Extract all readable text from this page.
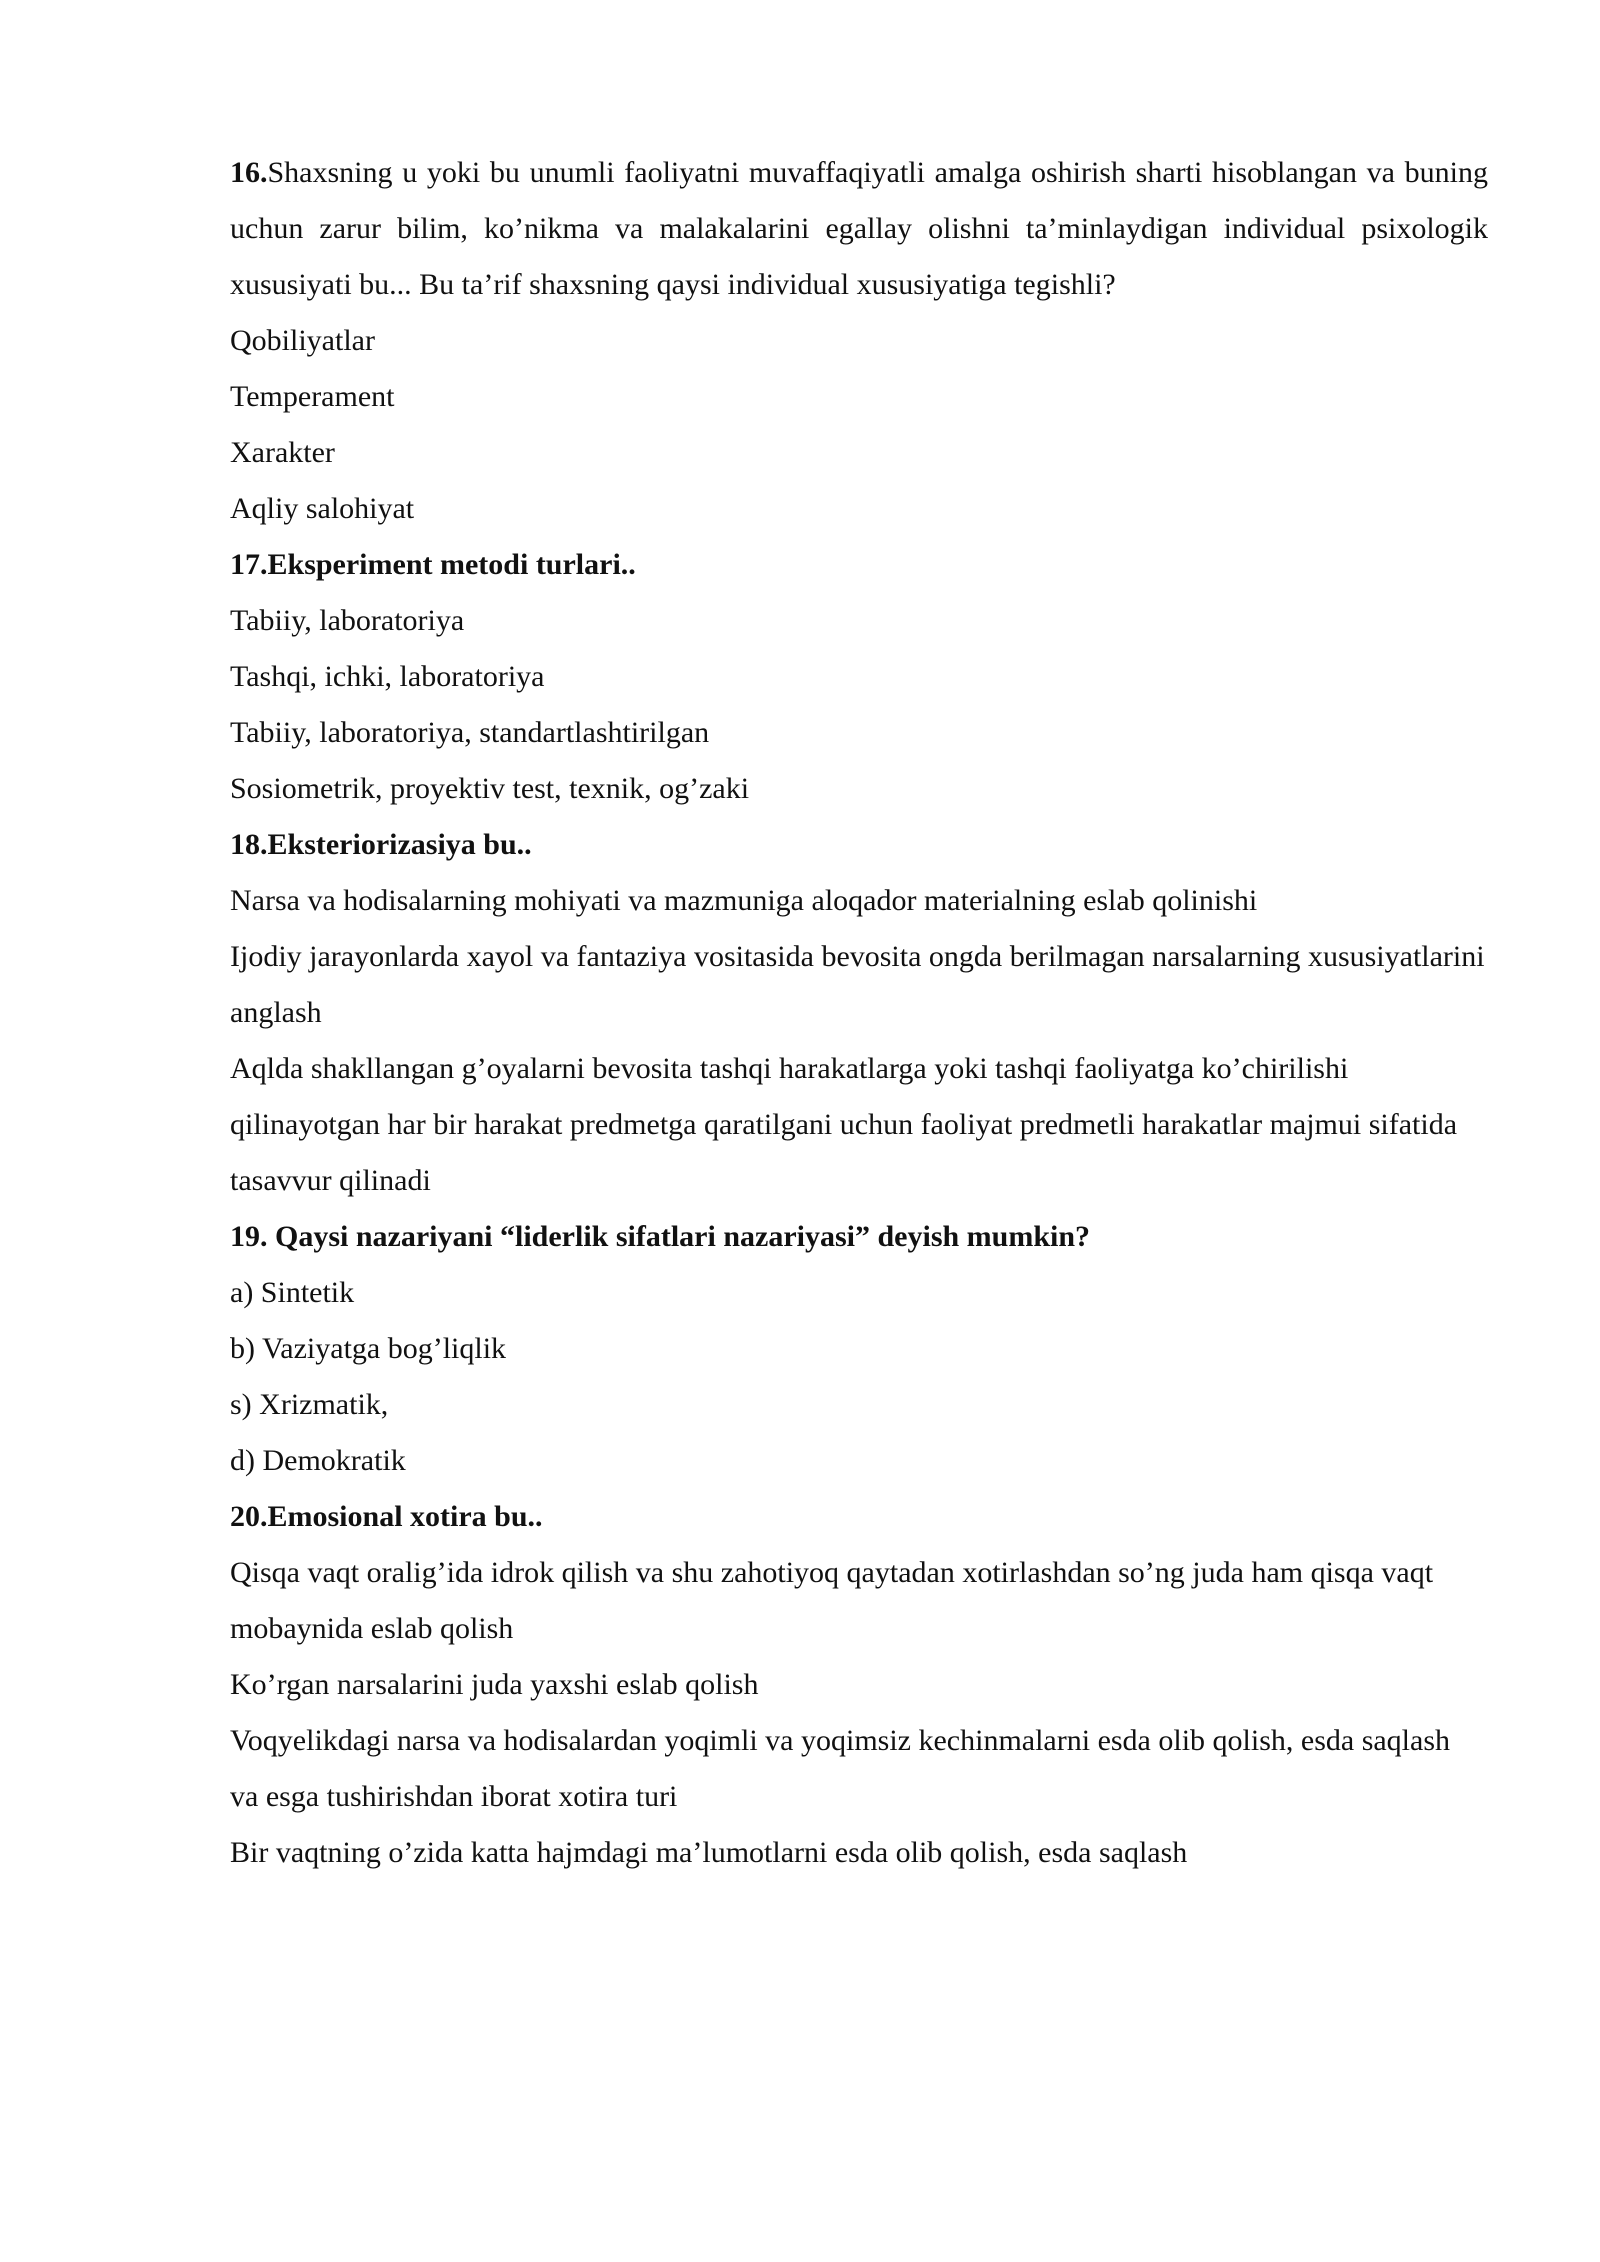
16.Shaxsning u yoki bu unumli faoliyatni muvaffaqiyatli amalga oshirish sharti hisoblangan va buning uchun zarur bilim, ko’nikma va malakalarini egallay olishni ta’minlaydigan individual psixologik xususiyati bu... Bu ta’rif shaxsning qaysi individual xususiyatiga tegishli?

Qobiliyatlar

Temperament

Xarakter

Aqliy salohiyat

17.Eksperiment metodi turlari..

Tabiiy, laboratoriya

Tashqi, ichki, laboratoriya

Tabiiy, laboratoriya, standartlashtirilgan

Sosiometrik, proyektiv test, texnik, og’zaki

18.Eksteriorizasiya bu..

Narsa va hodisalarning mohiyati va mazmuniga aloqador materialning eslab qolinishi

Ijodiy jarayonlarda xayol va fantaziya vositasida bevosita ongda berilmagan narsalarning xususiyatlarini anglash

Aqlda shakllangan g’oyalarni bevosita tashqi harakatlarga yoki tashqi faoliyatga ko’chirilishi qilinayotgan har bir harakat predmetga qaratilgani uchun faoliyat predmetli harakatlar majmui sifatida tasavvur qilinadi

19. Qaysi nazariyani “liderlik sifatlari nazariyasi” deyish mumkin?

a) Sintetik

b) Vaziyatga bog’liqlik

s) Xrizmatik,

d) Demokratik

20.Emosional xotira bu..

Qisqa vaqt oralig’ida idrok qilish va shu zahotiyoq qaytadan xotirlashdan so’ng juda ham qisqa vaqt mobaynida eslab qolish

Ko’rgan narsalarini juda yaxshi eslab qolish

Voqyelikdagi narsa va hodisalardan yoqimli va yoqimsiz kechinmalarni esda olib qolish, esda saqlash va esga tushirishdan iborat xotira turi

Bir vaqtning o’zida katta hajmdagi ma’lumotlarni esda olib qolish, esda saqlash
